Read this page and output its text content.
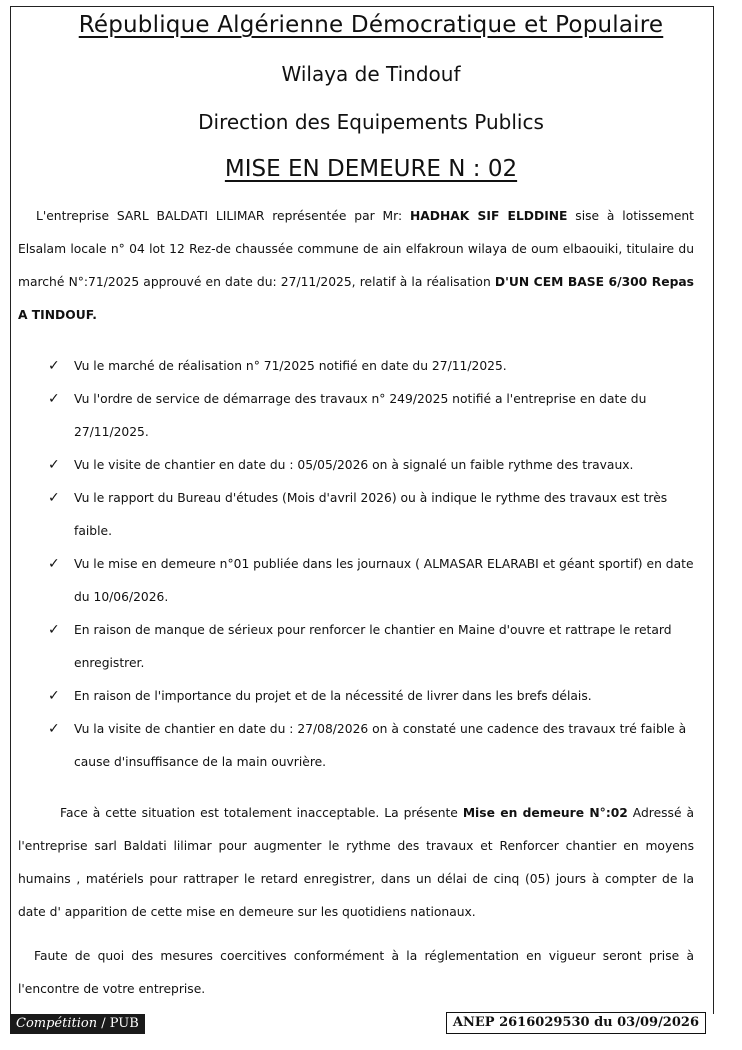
République Algérienne Démocratique et Populaire
Wilaya de Tindouf
Direction des Equipements Publics
MISE EN DEMEURE N : 02
L'entreprise SARL BALDATI LILIMAR représentée par Mr: HADHAK SIF ELDDINE sise à lotissement Elsalam locale n° 04 lot 12 Rez-de chaussée commune de ain elfakroun wilaya de oum elbaouiki, titulaire du marché N°:71/2025 approuvé en date du: 27/11/2025, relatif à la réalisation D'UN CEM BASE 6/300 Repas A TINDOUF.
✓ Vu le marché de réalisation n° 71/2025 notifié en date du 27/11/2025.
✓ Vu l'ordre de service de démarrage des travaux n° 249/2025 notifié a l'entreprise en date du 27/11/2025.
✓ Vu le visite de chantier en date du : 05/05/2026 on à signalé un faible rythme des travaux.
✓ Vu le rapport du Bureau d'études (Mois d'avril 2026) ou à indique le rythme des travaux est très faible.
✓ Vu le mise en demeure n°01 publiée dans les journaux ( ALMASAR ELARABI et géant sportif) en date du 10/06/2026.
✓ En raison de manque de sérieux pour renforcer le chantier en Maine d'ouvre et rattrape le retard enregistrer.
✓ En raison de l'importance du projet et de la nécessité de livrer dans les brefs délais.
✓ Vu la visite de chantier en date du : 27/08/2026 on à constaté une cadence des travaux tré faible à cause d'insuffisance de la main ouvrière.
Face à cette situation est totalement inacceptable. La présente Mise en demeure N°:02 Adressé à l'entreprise sarl Baldati lilimar pour augmenter le rythme des travaux et Renforcer chantier en moyens humains , matériels pour rattraper le retard enregistrer, dans un délai de cinq (05) jours à compter de la date d' apparition de cette mise en demeure sur les quotidiens nationaux.
Faute de quoi des mesures coercitives conformément à la réglementation en vigueur seront prise à l'encontre de votre entreprise.
Compétition / PUB	ANEP 2616029530 du 03/09/2026
